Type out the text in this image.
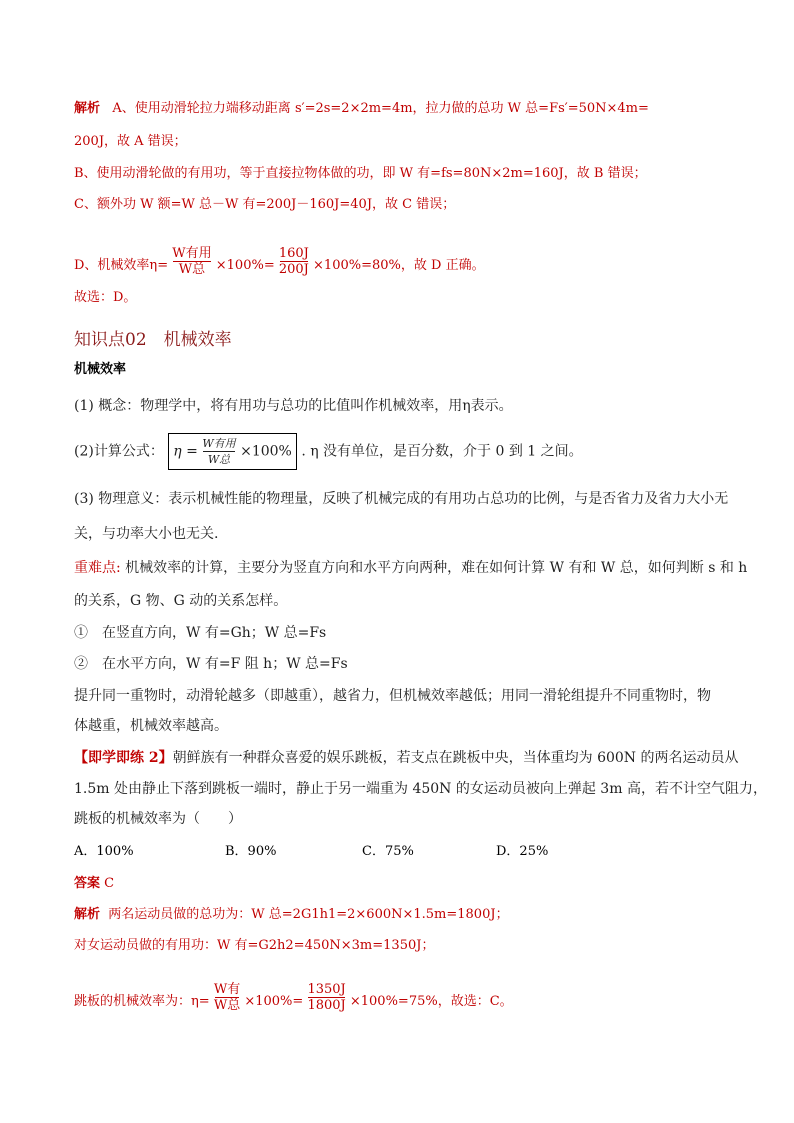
解析 A、使用动滑轮拉力端移动距离 s′=2s=2×2m=4m，拉力做的总功 W 总=Fs′=50N×4m=
200J，故 A 错误；
B、使用动滑轮做的有用功，等于直接拉物体做的功，即 W 有=fs=80N×2m=160J，故 B 错误；
C、额外功 W 额=W 总－W 有=200J－160J=40J，故 C 错误；
D、机械效率$\eta= \frac{\text{W有用}}{\text{W总}} \times 100\%= \frac{160J}{200J} \times 100\%=80\%$，故 D 正确。
故选：D。
知识点02　机械效率
机械效率
(1) 概念：物理学中，将有用功与总功的比值叫作机械效率，用η表示。
(2)计算公式： $\eta = \frac{\text{W有用}}{\text{W总}} \times 100\%$ . η 没有单位，是百分数，介于 0 到 1 之间。
(3) 物理意义：表示机械性能的物理量，反映了机械完成的有用功占总功的比例，与是否省力及省力大小无
关，与功率大小也无关.
重难点: 机械效率的计算，主要分为竖直方向和水平方向两种，难在如何计算 W 有和 W 总，如何判断 s 和 h
的关系，G 物、G 动的关系怎样。
①　在竖直方向，W 有=Gh；W 总=Fs
②　在水平方向，W 有=F 阻 h；W 总=Fs
提升同一重物时，动滑轮越多（即越重），越省力，但机械效率越低；用同一滑轮组提升不同重物时，物
体越重，机械效率越高。
【即学即练 2】朝鲜族有一种群众喜爱的娱乐跳板，若支点在跳板中央，当体重均为 600N 的两名运动员从
1.5m 处由静止下落到跳板一端时，静止于另一端重为 450N 的女运动员被向上弹起 3m 高，若不计空气阻力，
跳板的机械效率为（　　）
A．100%	B．90%	C．75%	D．25%
答案 C
解析 两名运动员做的总功为：W 总=2G1h1=2×600N×1.5m=1800J；
对女运动员做的有用功：W 有=G2h2=450N×3m=1350J；
跳板的机械效率为：$\eta= \frac{\text{W有}}{\text{W总}} \times 100\%= \frac{1350J}{1800J} \times 100\%=75\%$，故选：C。
